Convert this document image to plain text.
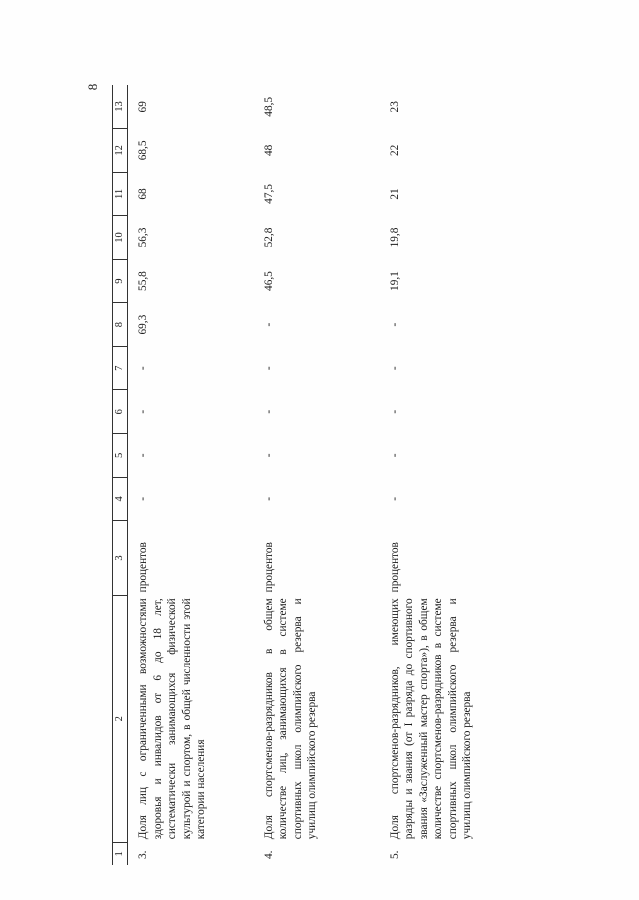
8
1	2	3	4	5	6	7	8	9	10	11	12	13
3.	Доля лиц с ограниченными возможностями здоровья и инвалидов от 6 до 18 лет, систематически занимающихся физической культурой и спортом, в общей численности этой категории населения	процентов	-	-	-	-	69,3	55,8	56,3	68	68,5	69
4.	Доля спортсменов-разрядников в общем количестве лиц, занимающихся в системе спортивных школ олимпийского резерва и училищ олимпийского резерва	процентов	-	-	-	-	-	46,5	52,8	47,5	48	48,5
5.	Доля спортсменов-разрядников, имеющих разряды и звания (от I разряда до спортивного звания «Заслуженный мастер спорта»), в общем количестве спортсменов-разрядников в системе спортивных школ олимпийского резерва и училищ олимпийского резерва	процентов	-	-	-	-	-	19,1	19,8	21	22	23
